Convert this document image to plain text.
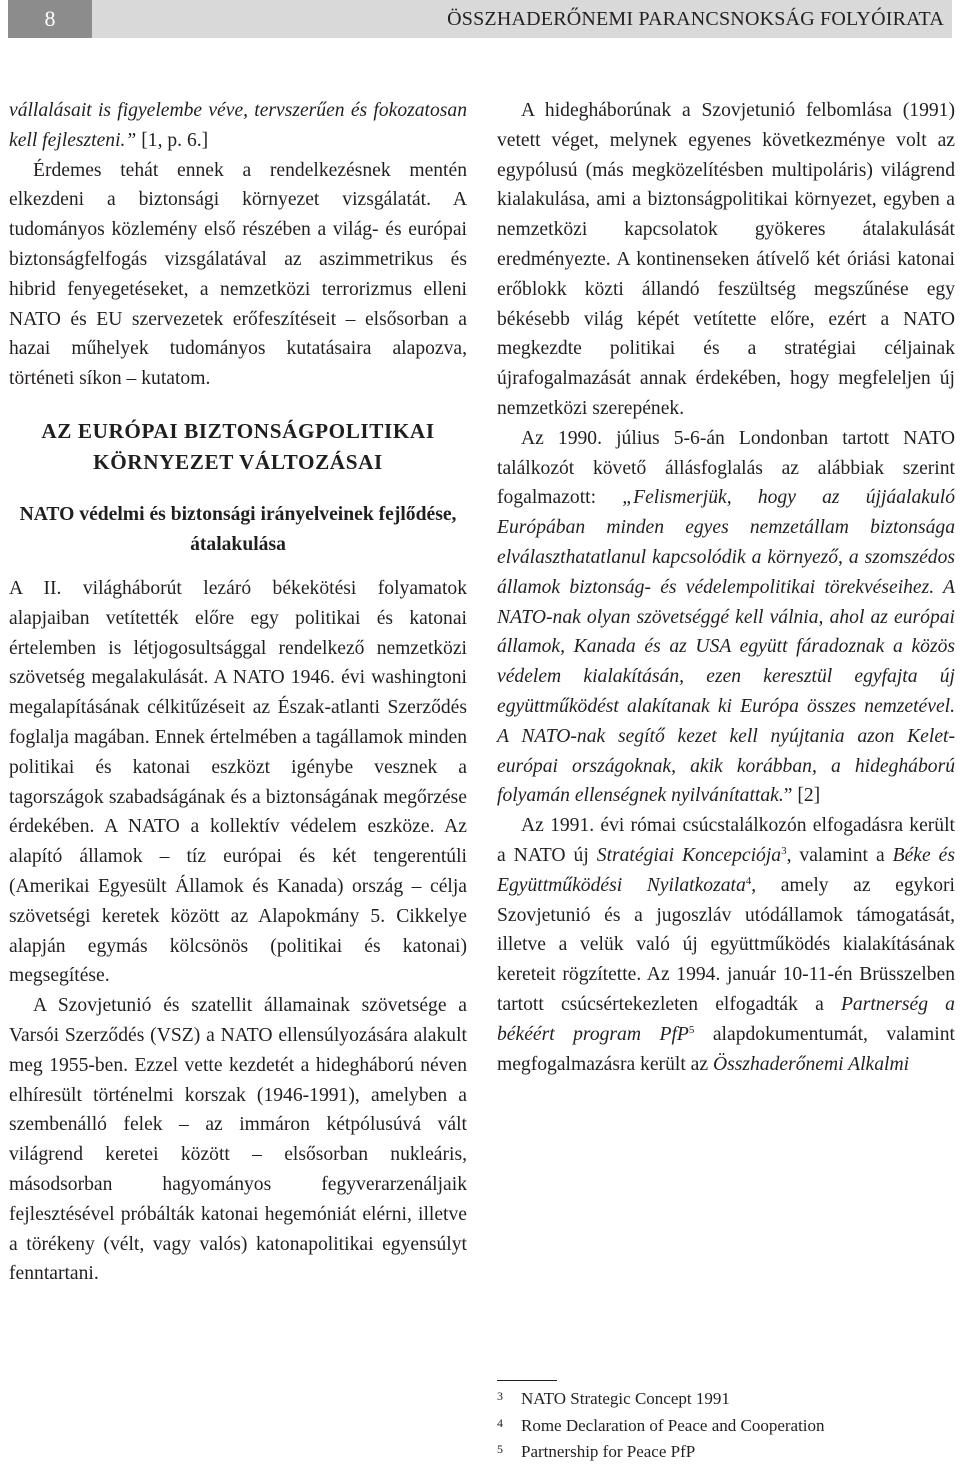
8	ÖSSZHADERŐNEMI PARANCSNOKSÁG FOLYÓIRATA

vállalásait is figyelembe véve, tervszerűen és fokozatosan kell fejleszteni.” [1, p. 6.]

Érdemes tehát ennek a rendelkezésnek mentén elkezdeni a biztonsági környezet vizsgálatát. A tudományos közlemény első részében a világ- és európai biztonságfelfogás vizsgálatával az aszimmetrikus és hibrid fenyegetéseket, a nemzetközi terrorizmus elleni NATO és EU szervezetek erőfeszítéseit – elsősorban a hazai műhelyek tudományos kutatásaira alapozva, történeti síkon – kutatom.

AZ EURÓPAI BIZTONSÁGPOLITIKAI KÖRNYEZET VÁLTOZÁSAI
NATO védelmi és biztonsági irányelveinek fejlődése, átalakulása

A II. világháborút lezáró békekötési folyamatok alapjaiban vetítették előre egy politikai és katonai értelemben is létjogosultsággal rendelkező nemzetközi szövetség megalakulását. A NATO 1946. évi washingtoni megalapításának célkitűzéseit az Észak-atlanti Szerződés foglalja magában. Ennek értelmében a tagállamok minden politikai és katonai eszközt igénybe vesznek a tagországok szabadságának és a biztonságának megőrzése érdekében. A NATO a kollektív védelem eszköze. Az alapító államok – tíz európai és két tengerentúli (Amerikai Egyesült Államok és Kanada) ország – célja szövetségi keretek között az Alapokmány 5. Cikkelye alapján egymás kölcsönös (politikai és katonai) megsegítése.

A Szovjetunió és szatellit államainak szövetsége a Varsói Szerződés (VSZ) a NATO ellensúlyozására alakult meg 1955-ben. Ezzel vette kezdetét a hidegháború néven elhíresült történelmi korszak (1946-1991), amelyben a szembenálló felek – az immáron kétpólusúvá vált világrend keretei között – elsősorban nukleáris, másodsorban hagyományos fegyverarzenáljaik fejlesztésével próbálták katonai hegemóniát elérni, illetve a törékeny (vélt, vagy valós) katonapolitikai egyensúlyt fenntartani.

A hidegháborúnak a Szovjetunió felbomlása (1991) vetett véget, melynek egyenes következménye volt az egypólusú (más megközelítésben multipoláris) világrend kialakulása, ami a biztonságpolitikai környezet, egyben a nemzetközi kapcsolatok gyökeres átalakulását eredményezte. A kontinenseken átívelő két óriási katonai erőblokk közti állandó feszültség megszűnése egy békésebb világ képét vetítette előre, ezért a NATO megkezdte politikai és a stratégiai céljainak újrafogalmazását annak érdekében, hogy megfeleljen új nemzetközi szerepének.

Az 1990. július 5-6-án Londonban tartott NATO találkozót követő állásfoglalás az alábbiak szerint fogalmazott: „Felismerjük, hogy az újjáalakuló Európában minden egyes nemzetállam biztonsága elválaszthatatlanul kapcsolódik a környező, a szomszédos államok biztonság- és védelempolitikai törekvéseihez. A NATO-nak olyan szövetséggé kell válnia, ahol az európai államok, Kanada és az USA együtt fáradoznak a közös védelem kialakításán, ezen keresztül egyfajta új együttműködést alakítanak ki Európa összes nemzetével. A NATO-nak segítő kezet kell nyújtania azon Kelet-európai országoknak, akik korábban, a hidegháború folyamán ellenségnek nyilvánítattak.” [2]

Az 1991. évi római csúcstalálkozón elfogadásra került a NATO új Stratégiai Koncepciója$^3$, valamint a Béke és Együttműködési Nyilatkozata$^4$, amely az egykori Szovjetunió és a jugoszláv utódállamok támogatását, illetve a velük való új együttműködés kialakításának kereteit rögzítette. Az 1994. január 10-11-én Brüsszelben tartott csúcsértekezleten elfogadták a Partnerség a békéért program PfP$^5$ alapdokumentumát, valamint megfogalmazásra került az Összhaderőnemi Alkalmi

3	NATO Strategic Concept 1991
4	Rome Declaration of Peace and Cooperation
5	Partnership for Peace PfP
